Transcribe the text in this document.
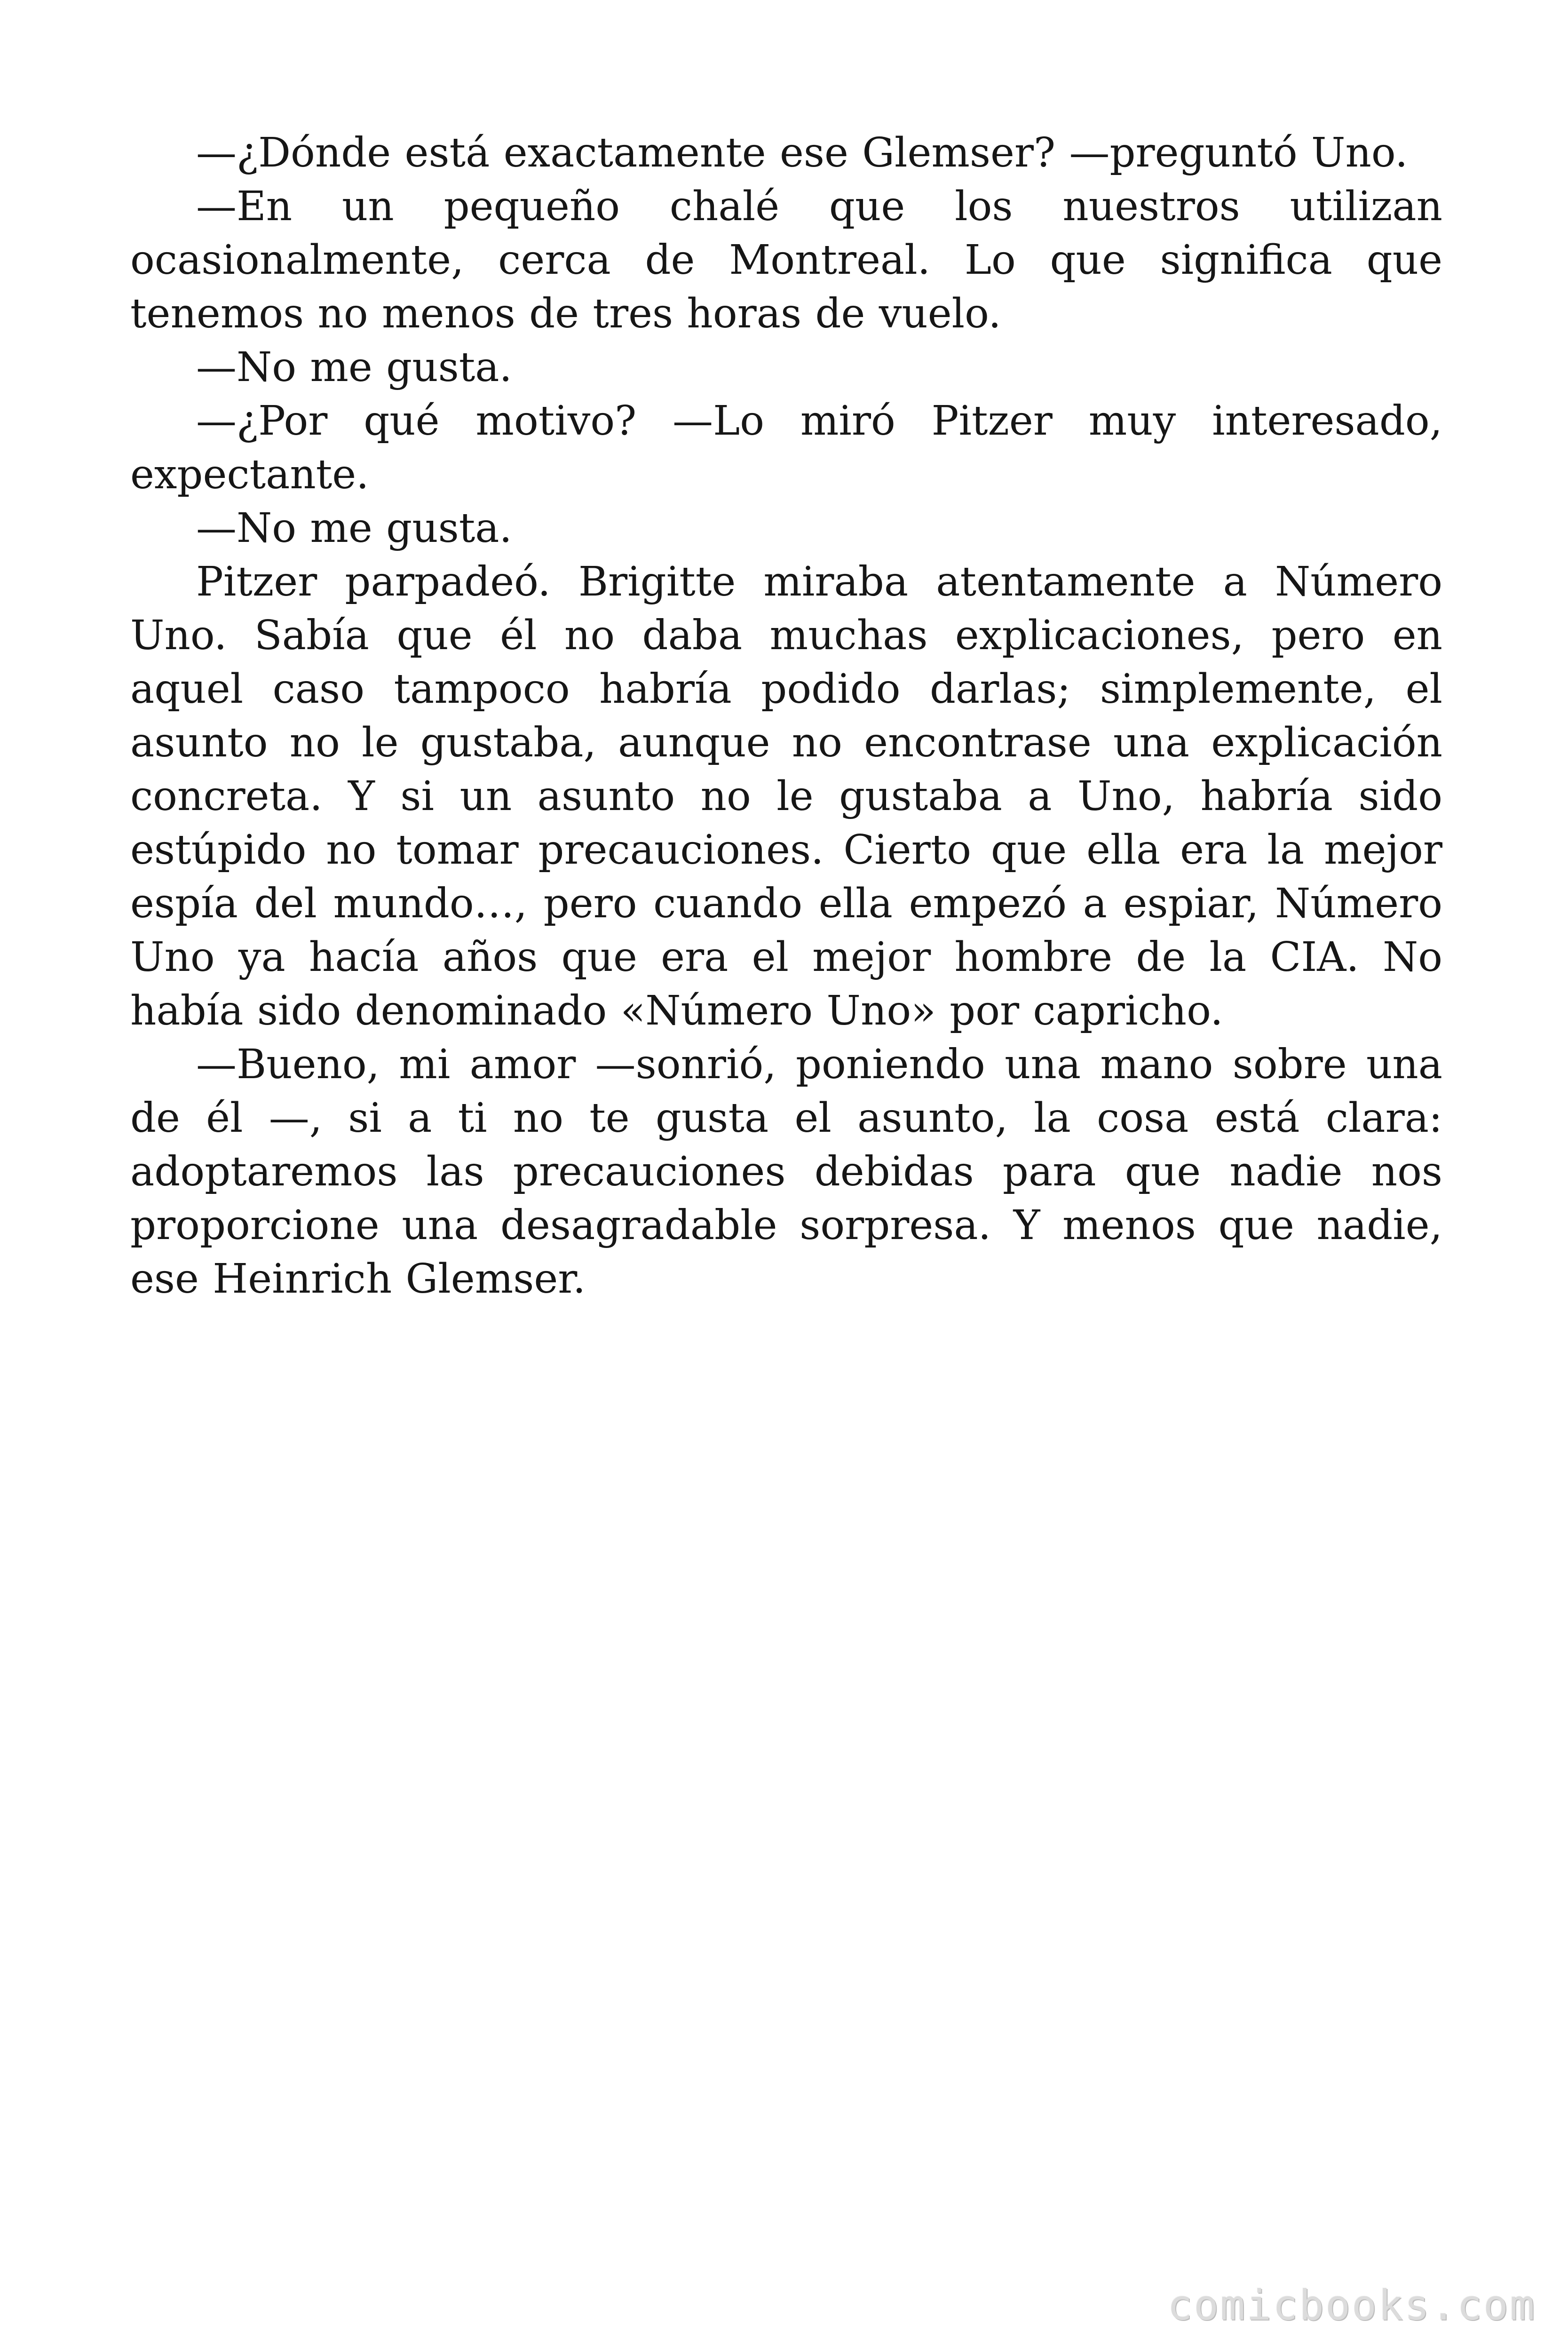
—¿Dónde está exactamente ese Glemser? —preguntó Uno.

—En un pequeño chalé que los nuestros utilizan ocasionalmente, cerca de Montreal. Lo que significa que tenemos no menos de tres horas de vuelo.

—No me gusta.

—¿Por qué motivo? —Lo miró Pitzer muy interesado, expectante.

—No me gusta.

Pitzer parpadeó. Brigitte miraba atentamente a Número Uno. Sabía que él no daba muchas explicaciones, pero en aquel caso tampoco habría podido darlas; simplemente, el asunto no le gustaba, aunque no encontrase una explicación concreta. Y si un asunto no le gustaba a Uno, habría sido estúpido no tomar precauciones. Cierto que ella era la mejor espía del mundo…, pero cuando ella empezó a espiar, Número Uno ya hacía años que era el mejor hombre de la CIA. No había sido denominado «Número Uno» por capricho.

—Bueno, mi amor —sonrió, poniendo una mano sobre una de él —, si a ti no te gusta el asunto, la cosa está clara: adoptaremos las precauciones debidas para que nadie nos proporcione una desagradable sorpresa. Y menos que nadie, ese Heinrich Glemser.

comicbooks.com
